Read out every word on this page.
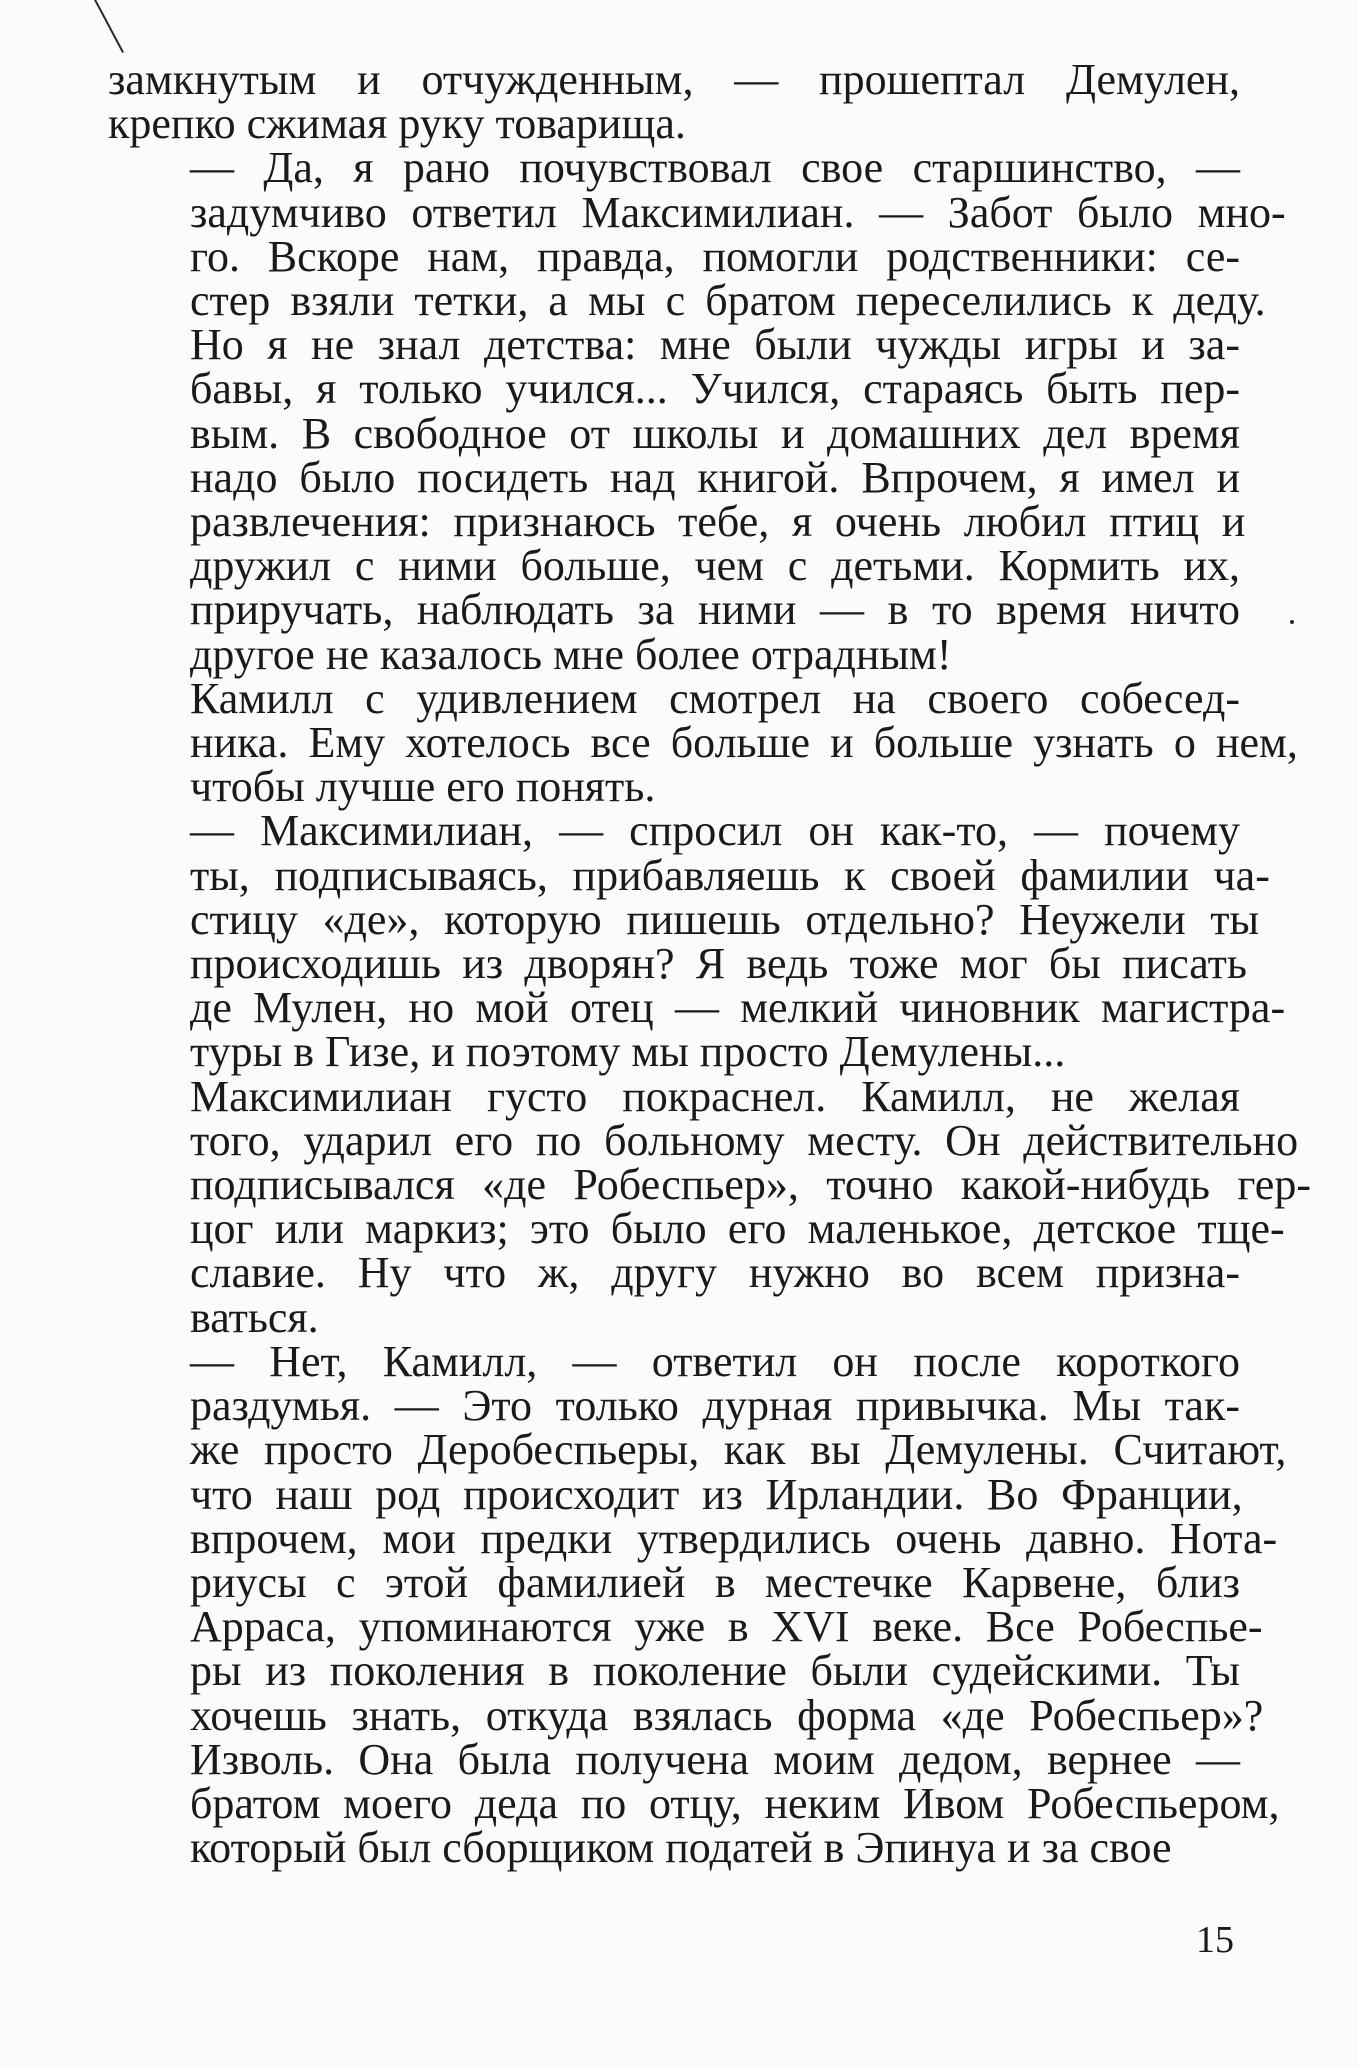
замкнутым и отчужденным, — прошептал Демулен,
крепко сжимая руку товарища.
— Да, я рано почувствовал свое старшинство, —
задумчиво ответил Максимилиан. — Забот было мно-
го. Вскоре нам, правда, помогли родственники: се-
стер взяли тетки, а мы с братом переселились к деду.
Но я не знал детства: мне были чужды игры и за-
бавы, я только учился... Учился, стараясь быть пер-
вым. В свободное от школы и домашних дел время
надо было посидеть над книгой. Впрочем, я имел и
развлечения: признаюсь тебе, я очень любил птиц и
дружил с ними больше, чем с детьми. Кормить их,
приручать, наблюдать за ними — в то время ничто
другое не казалось мне более отрадным!
Камилл с удивлением смотрел на своего собесед-
ника. Ему хотелось все больше и больше узнать о нем,
чтобы лучше его понять.
— Максимилиан, — спросил он как-то, — почему
ты, подписываясь, прибавляешь к своей фамилии ча-
стицу «де», которую пишешь отдельно? Неужели ты
происходишь из дворян? Я ведь тоже мог бы писать
де Мулен, но мой отец — мелкий чиновник магистра-
туры в Гизе, и поэтому мы просто Демулены...
Максимилиан густо покраснел. Камилл, не желая
того, ударил его по больному месту. Он действительно
подписывался «де Робеспьер», точно какой-нибудь гер-
цог или маркиз; это было его маленькое, детское тще-
славие. Ну что ж, другу нужно во всем призна-
ваться.
— Нет, Камилл, — ответил он после короткого
раздумья. — Это только дурная привычка. Мы так-
же просто Деробеспьеры, как вы Демулены. Считают,
что наш род происходит из Ирландии. Во Франции,
впрочем, мои предки утвердились очень давно. Нота-
риусы с этой фамилией в местечке Карвене, близ
Арраса, упоминаются уже в XVI веке. Все Робеспье-
ры из поколения в поколение были судейскими. Ты
хочешь знать, откуда взялась форма «де Робеспьер»?
Изволь. Она была получена моим дедом, вернее —
братом моего деда по отцу, неким Ивом Робеспьером,
который был сборщиком податей в Эпинуа и за свое
15
